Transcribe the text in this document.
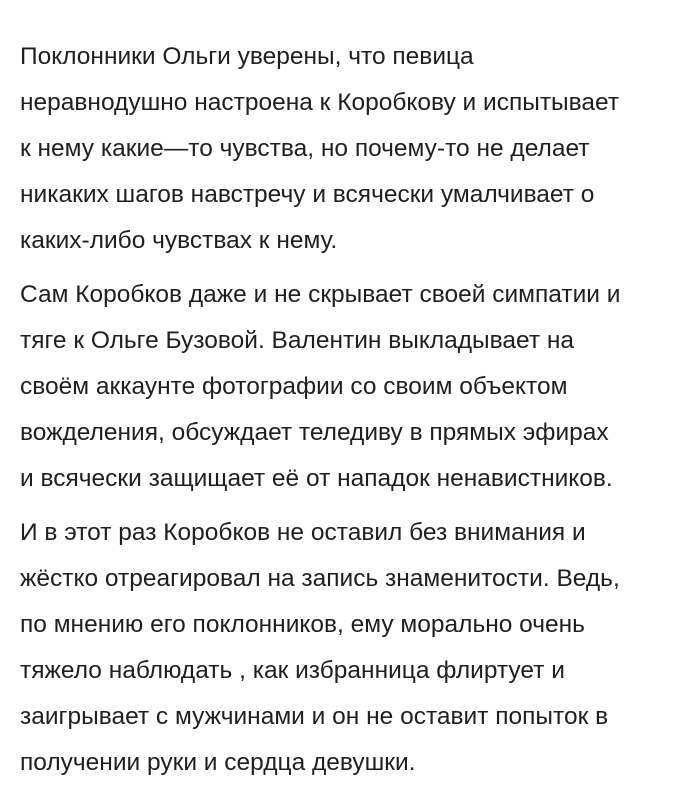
Поклонники Ольги уверены, что певица
неравнодушно настроена к Коробкову и испытывает
к нему какие—то чувства, но почему-то не делает
никаких шагов навстречу и всячески умалчивает о
каких-либо чувствах к нему.
Сам Коробков даже и не скрывает своей симпатии и
тяге к Ольге Бузовой. Валентин выкладывает на
своём аккаунте фотографии со своим объектом
вожделения, обсуждает теледиву в прямых эфирах
и всячески защищает её от нападок ненавистников.
И в этот раз Коробков не оставил без внимания и
жёстко отреагировал на запись знаменитости. Ведь,
по мнению его поклонников, ему морально очень
тяжело наблюдать , как избранница флиртует и
заигрывает с мужчинами и он не оставит попыток в
получении руки и сердца девушки.
